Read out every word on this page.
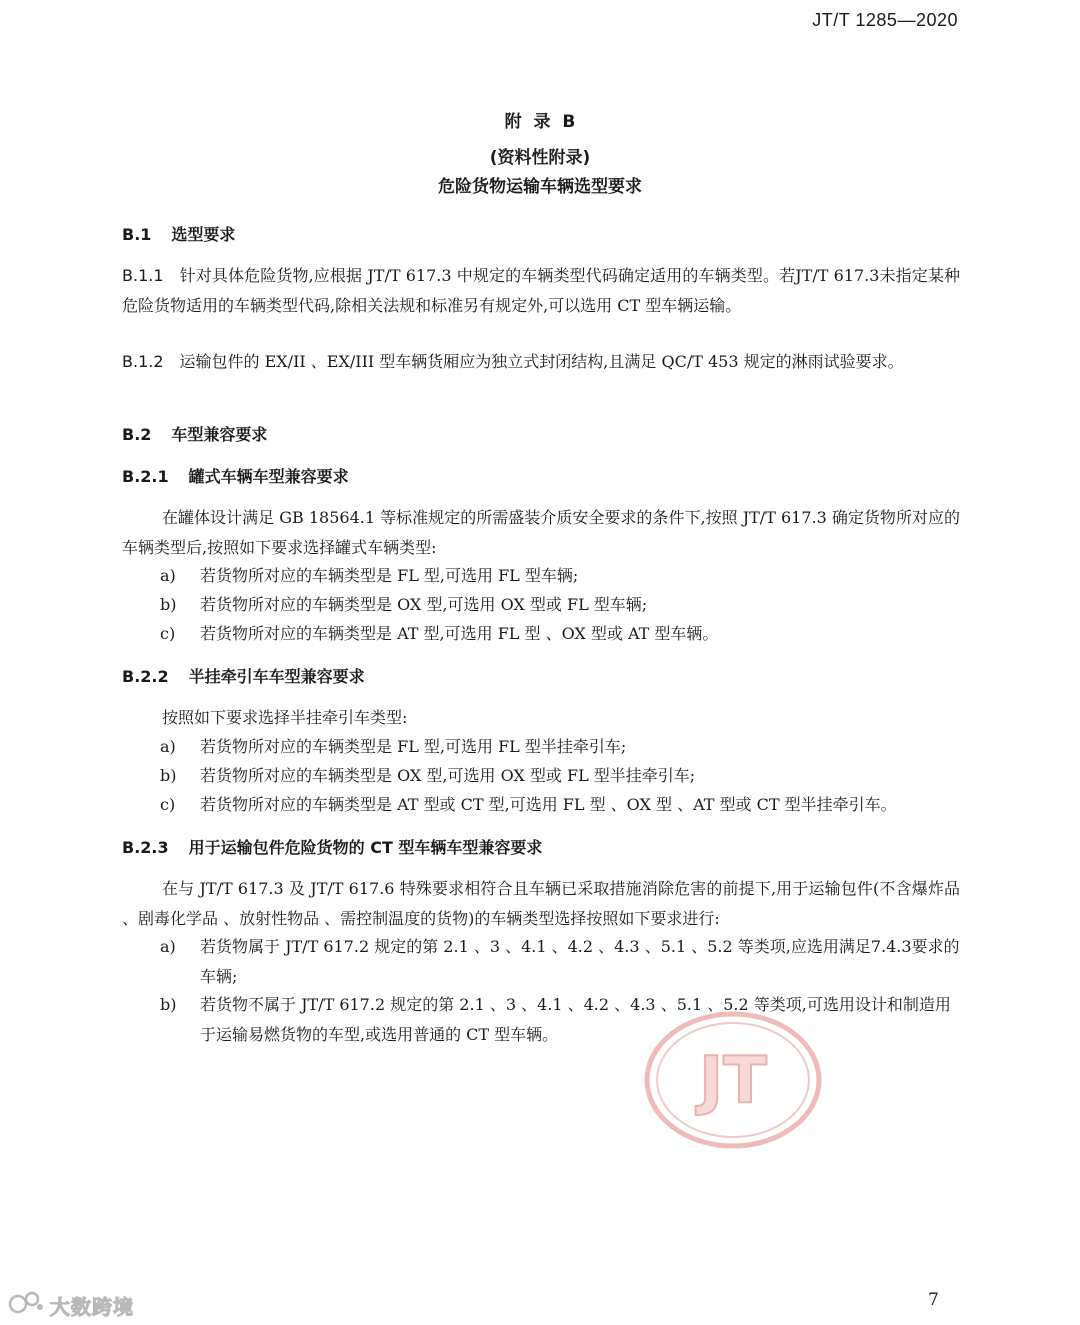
JT/T 1285—2020
附  录  B
(资料性附录)
危险货物运输车辆选型要求
B.1 选型要求
B.1.1 针对具体危险货物,应根据 JT/T 617.3 中规定的车辆类型代码确定适用的车辆类型。若JT/T 617.3未指定某种危险货物适用的车辆类型代码,除相关法规和标准另有规定外,可以选用 CT 型车辆运输。
B.1.2 运输包件的 EX/II 、EX/III 型车辆货厢应为独立式封闭结构,且满足 QC/T 453 规定的淋雨试验要求。
B.2 车型兼容要求
B.2.1 罐式车辆车型兼容要求
在罐体设计满足 GB 18564.1 等标准规定的所需盛装介质安全要求的条件下,按照 JT/T 617.3 确定货物所对应的车辆类型后,按照如下要求选择罐式车辆类型:
a) 若货物所对应的车辆类型是 FL 型,可选用 FL 型车辆;
b) 若货物所对应的车辆类型是 OX 型,可选用 OX 型或 FL 型车辆;
c) 若货物所对应的车辆类型是 AT 型,可选用 FL 型 、OX 型或 AT 型车辆。
B.2.2 半挂牵引车车型兼容要求
按照如下要求选择半挂牵引车类型:
a) 若货物所对应的车辆类型是 FL 型,可选用 FL 型半挂牵引车;
b) 若货物所对应的车辆类型是 OX 型,可选用 OX 型或 FL 型半挂牵引车;
c) 若货物所对应的车辆类型是 AT 型或 CT 型,可选用 FL 型 、OX 型 、AT 型或 CT 型半挂牵引车。
B.2.3 用于运输包件危险货物的 CT 型车辆车型兼容要求
在与 JT/T 617.3 及 JT/T 617.6 特殊要求相符合且车辆已采取措施消除危害的前提下,用于运输包件(不含爆炸品 、剧毒化学品 、放射性物品 、需控制温度的货物)的车辆类型选择按照如下要求进行:
a) 若货物属于 JT/T 617.2 规定的第 2.1 、3 、4.1 、4.2 、4.3 、5.1 、5.2 等类项,应选用满足7.4.3要求的车辆;
b) 若货物不属于 JT/T 617.2 规定的第 2.1 、3 、4.1 、4.2 、4.3 、5.1 、5.2 等类项,可选用设计和制造用于运输易燃货物的车型,或选用普通的 CT 型车辆。
JT
7
大数跨境
